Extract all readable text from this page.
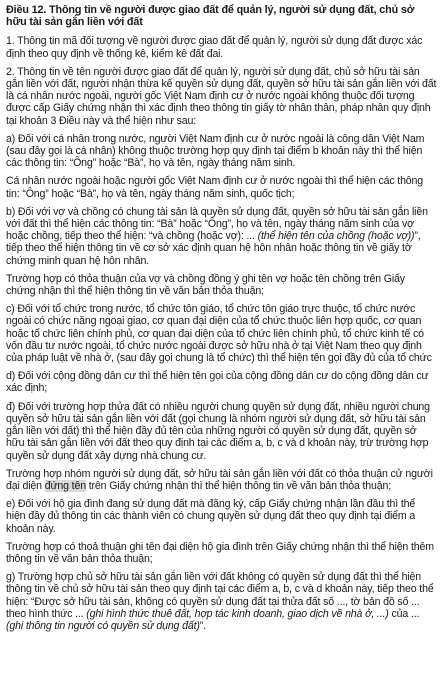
Điều 12. Thông tin về người được giao đất để quản lý, người sử dụng đất, chủ sở hữu tài sản gắn liền với đất

1. Thông tin mã đối tượng về người được giao đất để quản lý, người sử dụng đất được xác định theo quy định về thống kê, kiểm kê đất đai.

2. Thông tin về tên người được giao đất để quản lý, người sử dụng đất, chủ sở hữu tài sản gắn liền với đất, người nhận thừa kế quyền sử dụng đất, quyền sở hữu tài sản gắn liền với đất là cá nhân nước ngoài, người gốc Việt Nam định cư ở nước ngoài không thuộc đối tượng được cấp Giấy chứng nhận thì xác định theo thông tin giấy tờ nhân thân, pháp nhân quy định tại khoản 3 Điều này và thể hiện như sau:

a) Đối với cá nhân trong nước, người Việt Nam định cư ở nước ngoài là công dân Việt Nam (sau đây gọi là cá nhân) không thuộc trường hợp quy định tại điểm b khoản này thì thể hiện các thông tin: “Ông” hoặc “Bà”, họ và tên, ngày tháng năm sinh.

Cá nhân nước ngoài hoặc người gốc Việt Nam định cư ở nước ngoài thì thể hiện các thông tin: “Ông” hoặc “Bà”, họ và tên, ngày tháng năm sinh, quốc tịch;

b) Đối với vợ và chồng có chung tài sản là quyền sử dụng đất, quyền sở hữu tài sản gắn liền với đất thì thể hiện các thông tin: “Bà” hoặc “Ông”, họ và tên, ngày tháng năm sinh của vợ hoặc chồng, tiếp theo thể hiện: “và chồng (hoặc vợ): ... (thể hiện tên của chồng (hoặc vợ))”, tiếp theo thể hiện thông tin về cơ sở xác định quan hệ hôn nhân hoặc thông tin về giấy tờ chứng minh quan hệ hôn nhân.

Trường hợp có thỏa thuận của vợ và chồng đồng ý ghi tên vợ hoặc tên chồng trên Giấy chứng nhận thì thể hiện thông tin về văn bản thỏa thuận;

c) Đối với tổ chức trong nước, tổ chức tôn giáo, tổ chức tôn giáo trực thuộc, tổ chức nước ngoài có chức năng ngoại giao, cơ quan đại diện của tổ chức thuộc liên hợp quốc, cơ quan hoặc tổ chức liên chính phủ, cơ quan đại diện của tổ chức liên chính phủ, tổ chức kinh tế có vốn đầu tư nước ngoài, tổ chức nước ngoài được sở hữu nhà ở tại Việt Nam theo quy định của pháp luật về nhà ở, (sau đây gọi chung là tổ chức) thì thể hiện tên gọi đầy đủ của tổ chức

d) Đối với cộng đồng dân cư thì thể hiện tên gọi của cộng đồng dân cư do cộng đồng dân cư xác định;

đ) Đối với trường hợp thửa đất có nhiều người chung quyền sử dụng đất, nhiều người chung quyền sở hữu tài sản gắn liền với đất (gọi chung là nhóm người sử dụng đất, sở hữu tài sản gắn liền với đất) thì thể hiện đầy đủ tên của những người có quyền sử dụng đất, quyền sở hữu tài sản gắn liền với đất theo quy định tại các điểm a, b, c và d khoản này, trừ trường hợp quyền sử dụng đất xây dựng nhà chung cư.

Trường hợp nhóm người sử dụng đất, sở hữu tài sản gắn liền với đất có thỏa thuận cử người đại diện đứng tên trên Giấy chứng nhận thì thể hiện thông tin về văn bản thỏa thuận;

e) Đối với hộ gia đình đang sử dụng đất mà đăng ký, cấp Giấy chứng nhận lần đầu thì thể hiện đầy đủ thông tin các thành viên có chung quyền sử dụng đất theo quy định tại điểm a khoản này.

Trường hợp có thoả thuận ghi tên đại diện hộ gia đình trên Giấy chứng nhận thì thể hiện thêm thông tin về văn bản thỏa thuận;

g) Trường hợp chủ sở hữu tài sản gắn liền với đất không có quyền sử dụng đất thì thể hiện thông tin về chủ sở hữu tài sản theo quy định tại các điểm a, b, c và d khoản này, tiếp theo thể hiện: “Được sở hữu tài sản, không có quyền sử dụng đất tại thửa đất số ..., tờ bản đồ số ... theo hình thức ... (ghi hình thức thuê đất, hợp tác kinh doanh, giao dịch về nhà ở, ...) của ... (ghi thông tin người có quyền sử dụng đất)”.
